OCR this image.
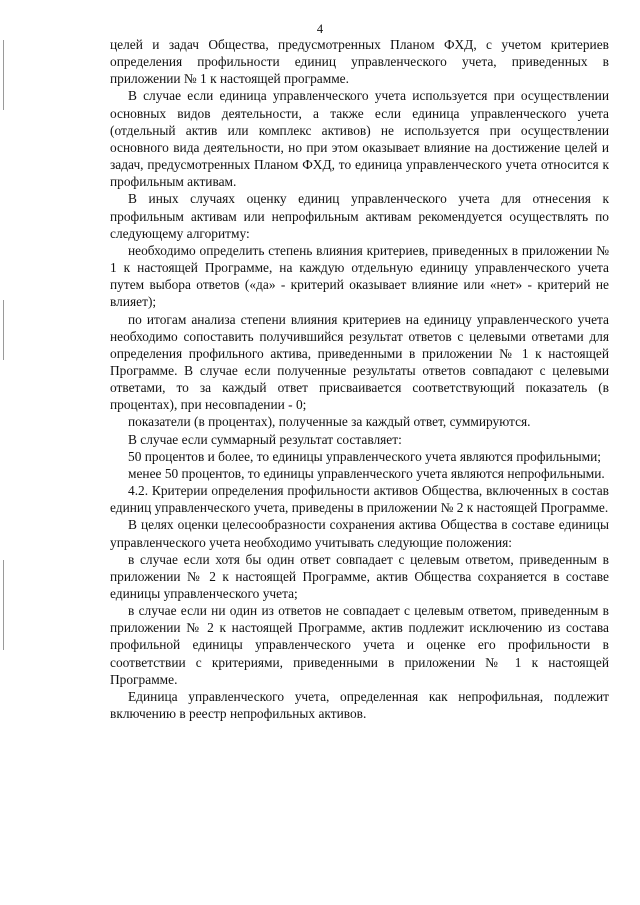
4

целей и задач Общества, предусмотренных Планом ФХД, с учетом критериев определения профильности единиц управленческого учета, приведенных в приложении № 1 к настоящей программе.

В случае если единица управленческого учета используется при осуществлении основных видов деятельности, а также если единица управленческого учета (отдельный актив или комплекс активов) не используется при осуществлении основного вида деятельности, но при этом оказывает влияние на достижение целей и задач, предусмотренных Планом ФХД, то единица управленческого учета относится к профильным активам.

В иных случаях оценку единиц управленческого учета для отнесения к профильным активам или непрофильным активам рекомендуется осуществлять по следующему алгоритму:

необходимо определить степень влияния критериев, приведенных в приложении № 1 к настоящей Программе, на каждую отдельную единицу управленческого учета путем выбора ответов («да» - критерий оказывает влияние или «нет» - критерий не влияет);

по итогам анализа степени влияния критериев на единицу управленческого учета необходимо сопоставить получившийся результат ответов с целевыми ответами для определения профильного актива, приведенными в приложении № 1 к настоящей Программе. В случае если полученные результаты ответов совпадают с целевыми ответами, то за каждый ответ присваивается соответствующий показатель (в процентах), при несовпадении - 0;

показатели (в процентах), полученные за каждый ответ, суммируются.

В случае если суммарный результат составляет:

50 процентов и более, то единицы управленческого учета являются профильными;

менее 50 процентов, то единицы управленческого учета являются непрофильными.

4.2. Критерии определения профильности активов Общества, включенных в состав единиц управленческого учета, приведены в приложении № 2 к настоящей Программе.

В целях оценки целесообразности сохранения актива Общества в составе единицы управленческого учета необходимо учитывать следующие положения:

в случае если хотя бы один ответ совпадает с целевым ответом, приведенным в приложении № 2 к настоящей Программе, актив Общества сохраняется в составе единицы управленческого учета;

в случае если ни один из ответов не совпадает с целевым ответом, приведенным в приложении № 2 к настоящей Программе, актив подлежит исключению из состава профильной единицы управленческого учета и оценке его профильности в соответствии с критериями, приведенными в приложении № 1 к настоящей Программе.

Единица управленческого учета, определенная как непрофильная, подлежит включению в реестр непрофильных активов.
